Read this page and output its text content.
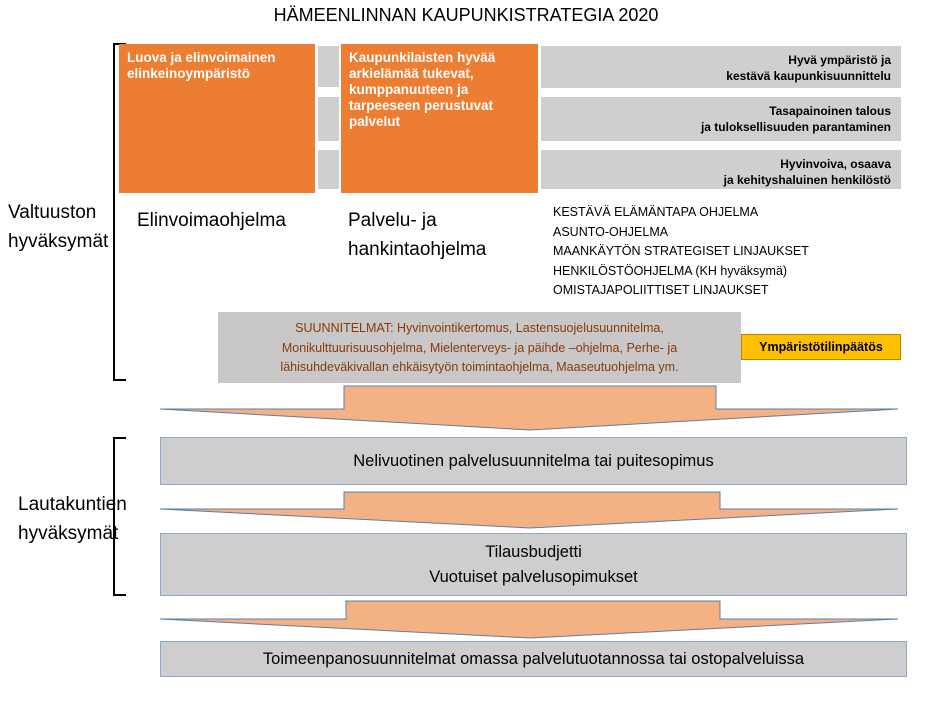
HÄMEENLINNAN KAUPUNKISTRATEGIA 2020
Luova ja elinvoimainen elinkeinoympäristö
Kaupunkilaisten hyvää arkielämää tukevat, kumppanuuteen ja tarpeeseen perustuvat palvelut
Hyvä ympäristö ja
kestävä kaupunkisuunnittelu
Tasapainoinen talous
ja tuloksellisuuden parantaminen
Hyvinvoiva, osaava
ja kehityshaluinen henkilöstö
Elinvoimaohjelma	Palvelu- ja
hankintaohjelma
KESTÄVÄ ELÄMÄNTAPA OHJELMA
ASUNTO-OHJELMA
MAANKÄYTÖN STRATEGISET LINJAUKSET
HENKILÖSTÖOHJELMA (KH hyväksymä)
OMISTAJAPOLIITTISET LINJAUKSET
SUUNNITELMAT: Hyvinvointikertomus, Lastensuojelusuunnitelma,
Monikulttuurisuusohjelma, Mielenterveys- ja päihde –ohjelma, Perhe- ja
lähisuhdeväkivallan ehkäisytyön toimintaohjelma, Maaseutuohjelma ym.
Ympäristötilinpäätös
Valtuuston
hyväksymät
Lautakuntien
hyväksymät
Nelivuotinen palvelusuunnitelma tai puitesopimus
Tilausbudjetti
Vuotuiset palvelusopimukset
Toimeenpanosuunnitelmat omassa palvelutuotannossa tai ostopalveluissa
